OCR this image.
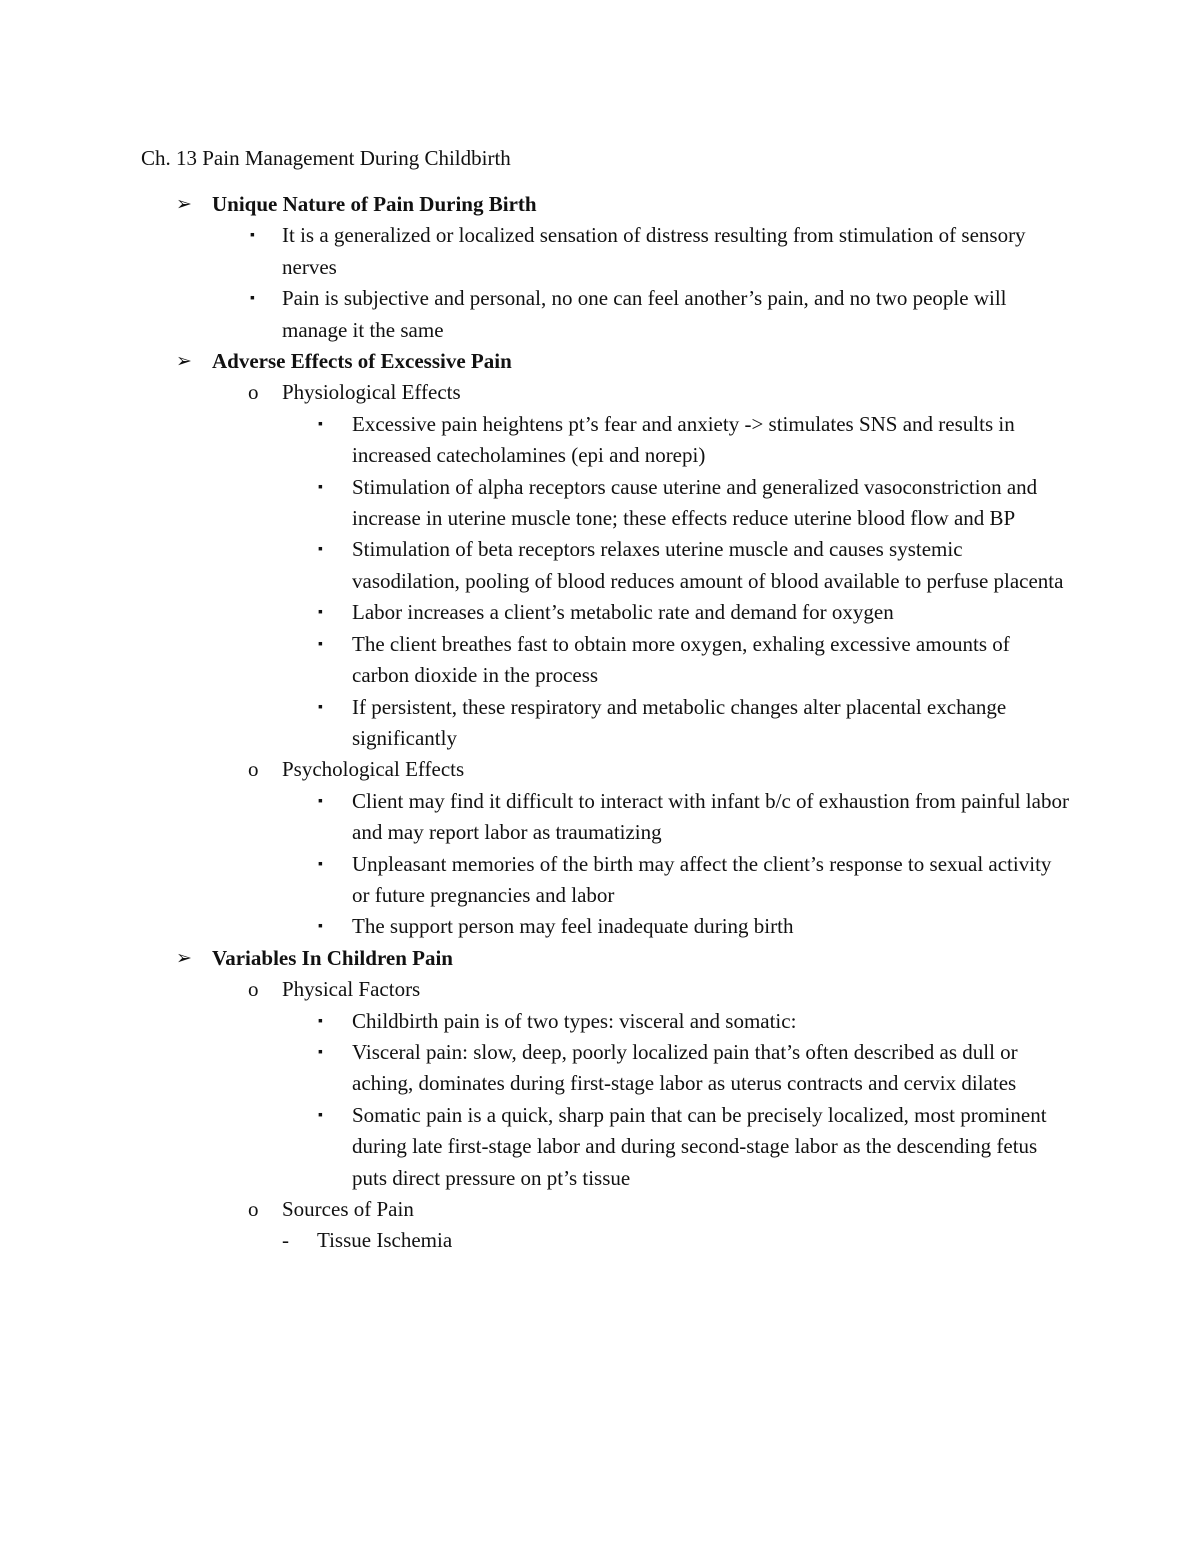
Ch. 13 Pain Management During Childbirth
➢ Unique Nature of Pain During Birth
▪ It is a generalized or localized sensation of distress resulting from stimulation of sensory nerves
▪ Pain is subjective and personal, no one can feel another’s pain, and no two people will manage it the same
➢ Adverse Effects of Excessive Pain
o Physiological Effects
▪ Excessive pain heightens pt’s fear and anxiety -> stimulates SNS and results in increased catecholamines (epi and norepi)
▪ Stimulation of alpha receptors cause uterine and generalized vasoconstriction and increase in uterine muscle tone; these effects reduce uterine blood flow and BP
▪ Stimulation of beta receptors relaxes uterine muscle and causes systemic vasodilation, pooling of blood reduces amount of blood available to perfuse placenta
▪ Labor increases a client’s metabolic rate and demand for oxygen
▪ The client breathes fast to obtain more oxygen, exhaling excessive amounts of carbon dioxide in the process
▪ If persistent, these respiratory and metabolic changes alter placental exchange significantly
o Psychological Effects
▪ Client may find it difficult to interact with infant b/c of exhaustion from painful labor and may report labor as traumatizing
▪ Unpleasant memories of the birth may affect the client’s response to sexual activity or future pregnancies and labor
▪ The support person may feel inadequate during birth
➢ Variables In Children Pain
o Physical Factors
▪ Childbirth pain is of two types: visceral and somatic:
▪ Visceral pain: slow, deep, poorly localized pain that’s often described as dull or aching, dominates during first-stage labor as uterus contracts and cervix dilates
▪ Somatic pain is a quick, sharp pain that can be precisely localized, most prominent during late first-stage labor and during second-stage labor as the descending fetus puts direct pressure on pt’s tissue
o Sources of Pain
- Tissue Ischemia
